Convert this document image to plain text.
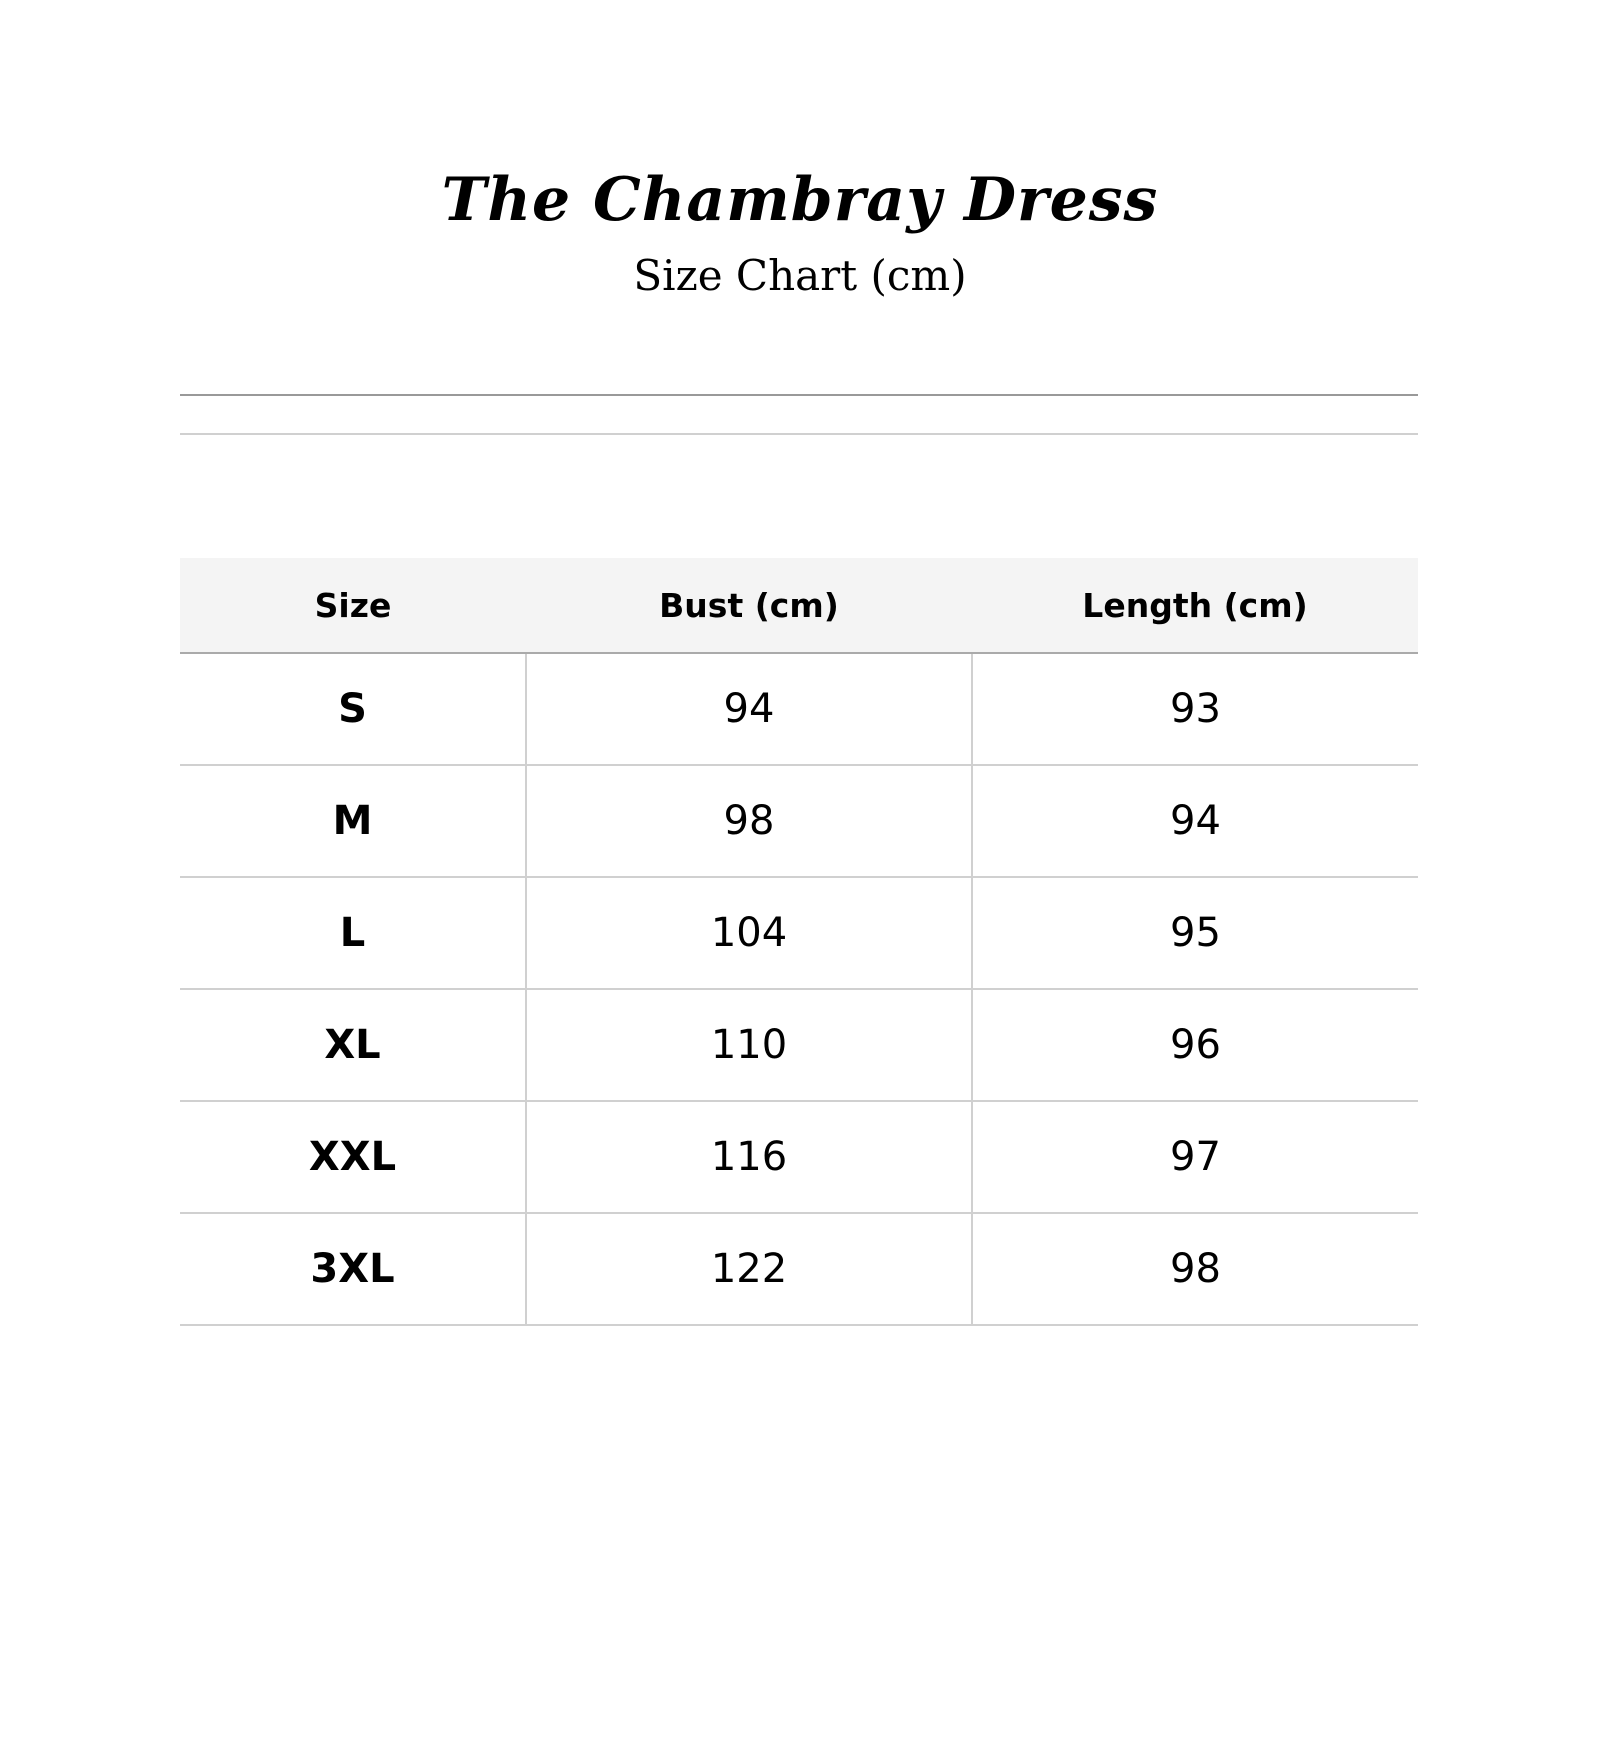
The Chambray Dress
Size Chart (cm)
Size	Bust (cm)	Length (cm)
S	94	93
M	98	94
L	104	95
XL	110	96
XXL	116	97
3XL	122	98
